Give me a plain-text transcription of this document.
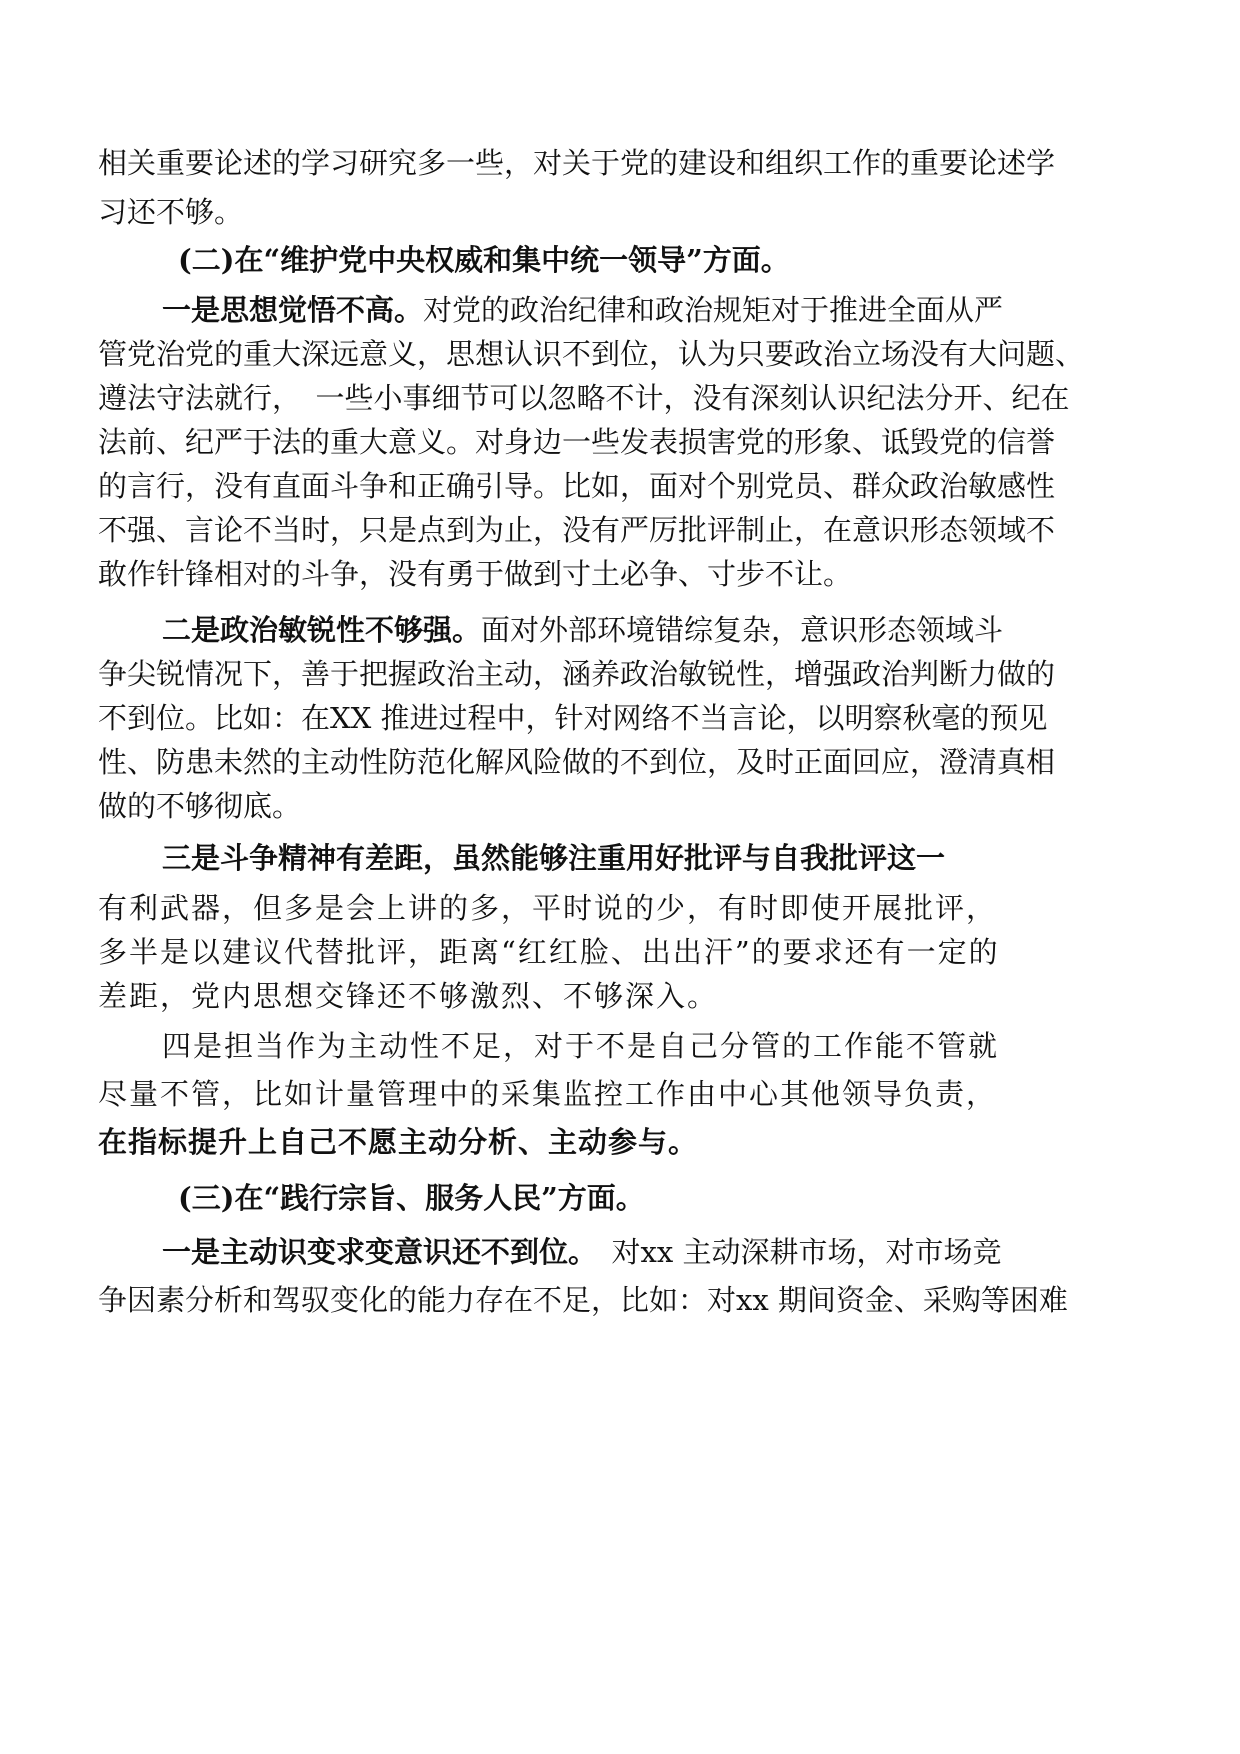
相关重要论述的学习研究多一些，对关于党的建设和组织工作的重要论述学
习还不够。
(二)在“维护党中央权威和集中统一领导”方面。
一是思想觉悟不高。对党的政治纪律和政治规矩对于推进全面从严
管党治党的重大深远意义，思想认识不到位，认为只要政治立场没有大问题、
遵法守法就行，　一些小事细节可以忽略不计，没有深刻认识纪法分开、纪在
法前、纪严于法的重大意义。对身边一些发表损害党的形象、诋毁党的信誉
的言行，没有直面斗争和正确引导。比如，面对个别党员、群众政治敏感性
不强、言论不当时，只是点到为止，没有严厉批评制止，在意识形态领域不
敢作针锋相对的斗争，没有勇于做到寸土必争、寸步不让。
二是政治敏锐性不够强。面对外部环境错综复杂，意识形态领域斗
争尖锐情况下，善于把握政治主动，涵养政治敏锐性，增强政治判断力做的
不到位。比如：在XX 推进过程中，针对网络不当言论，以明察秋毫的预见
性、防患未然的主动性防范化解风险做的不到位，及时正面回应，澄清真相
做的不够彻底。
三是斗争精神有差距，虽然能够注重用好批评与自我批评这一
有利武器，但多是会上讲的多，平时说的少，有时即使开展批评，
多半是以建议代替批评，距离“红红脸、出出汗”的要求还有一定的
差距，党内思想交锋还不够激烈、不够深入。
四是担当作为主动性不足，对于不是自己分管的工作能不管就
尽量不管，比如计量管理中的采集监控工作由中心其他领导负责，
在指标提升上自己不愿主动分析、主动参与。
(三)在“践行宗旨、服务人民”方面。
一是主动识变求变意识还不到位。　对xx 主动深耕市场，对市场竞
争因素分析和驾驭变化的能力存在不足，比如：对xx 期间资金、采购等困难
